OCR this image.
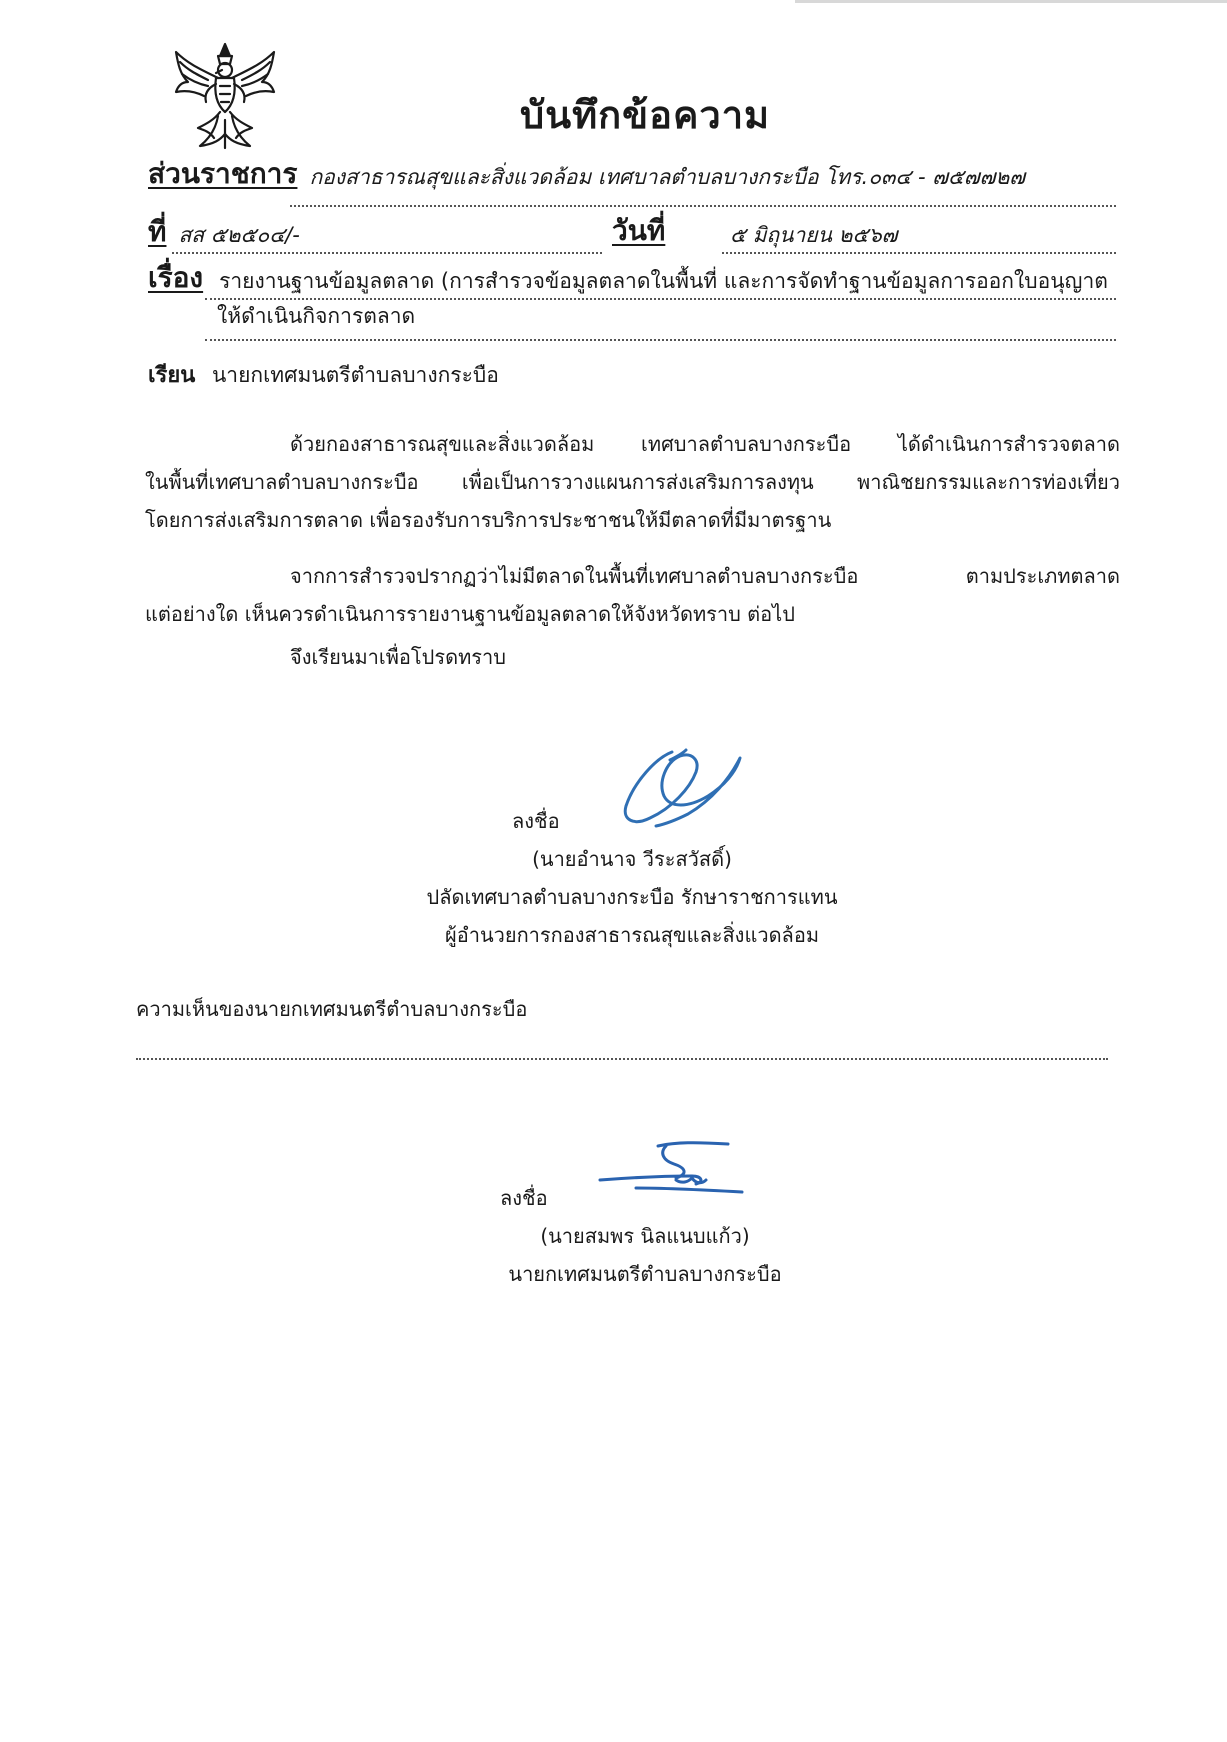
บันทึกข้อความ
ส่วนราชการ กองสาธารณสุขและสิ่งแวดล้อม เทศบาลตำบลบางกระบือ โทร.๐๓๔ - ๗๕๗๗๒๗
ที่ สส ๕๒๕๐๔/-	วันที่	๕ มิถุนายน ๒๕๖๗
เรื่อง รายงานฐานข้อมูลตลาด (การสำรวจข้อมูลตลาดในพื้นที่ และการจัดทำฐานข้อมูลการออกใบอนุญาต
ให้ดำเนินกิจการตลาด
เรียน นายกเทศมนตรีตำบลบางกระบือ
ด้วยกองสาธารณสุขและสิ่งแวดล้อม เทศบาลตำบลบางกระบือ ได้ดำเนินการสำรวจตลาด
ในพื้นที่เทศบาลตำบลบางกระบือ เพื่อเป็นการวางแผนการส่งเสริมการลงทุน พาณิชยกรรมและการท่องเที่ยว
โดยการส่งเสริมการตลาด เพื่อรองรับการบริการประชาชนให้มีตลาดที่มีมาตรฐาน
จากการสำรวจปรากฏว่าไม่มีตลาดในพื้นที่เทศบาลตำบลบางกระบือ ตามประเภทตลาด
แต่อย่างใด เห็นควรดำเนินการรายงานฐานข้อมูลตลาดให้จังหวัดทราบ ต่อไป
จึงเรียนมาเพื่อโปรดทราบ
ลงชื่อ
(นายอำนาจ วีระสวัสดิ์)
ปลัดเทศบาลตำบลบางกระบือ รักษาราชการแทน
ผู้อำนวยการกองสาธารณสุขและสิ่งแวดล้อม
ความเห็นของนายกเทศมนตรีตำบลบางกระบือ
ลงชื่อ
(นายสมพร นิลแนบแก้ว)
นายกเทศมนตรีตำบลบางกระบือ
